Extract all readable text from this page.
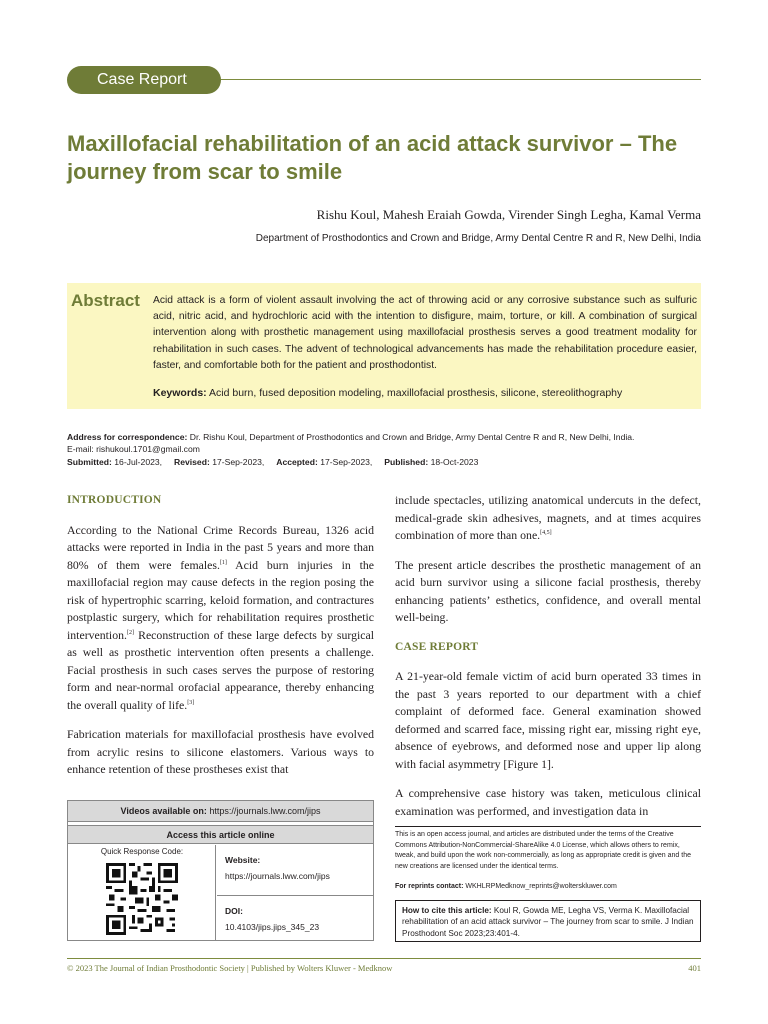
Case Report
Maxillofacial rehabilitation of an acid attack survivor – The journey from scar to smile
Rishu Koul, Mahesh Eraiah Gowda, Virender Singh Legha, Kamal Verma
Department of Prosthodontics and Crown and Bridge, Army Dental Centre R and R, New Delhi, India
Abstract Acid attack is a form of violent assault involving the act of throwing acid or any corrosive substance such as sulfuric acid, nitric acid, and hydrochloric acid with the intention to disfigure, maim, torture, or kill. A combination of surgical intervention along with prosthetic management using maxillofacial prosthesis serves a good treatment modality for rehabilitation in such cases. The advent of technological advancements has made the rehabilitation procedure easier, faster, and comfortable both for the patient and prosthodontist.

Keywords: Acid burn, fused deposition modeling, maxillofacial prosthesis, silicone, stereolithography

Address for correspondence: Dr. Rishu Koul, Department of Prosthodontics and Crown and Bridge, Army Dental Centre R and R, New Delhi, India.
E-mail: rishukoul.1701@gmail.com
Submitted: 16-Jul-2023, Revised: 17-Sep-2023, Accepted: 17-Sep-2023, Published: 18-Oct-2023
INTRODUCTION

According to the National Crime Records Bureau, 1326 acid attacks were reported in India in the past 5 years and more than 80% of them were females.[1] Acid burn injuries in the maxillofacial region may cause defects in the region posing the risk of hypertrophic scarring, keloid formation, and contractures postplastic surgery, which for rehabilitation requires prosthetic intervention.[2] Reconstruction of these large defects by surgical as well as prosthetic intervention often presents a challenge. Facial prosthesis in such cases serves the purpose of restoring form and near-normal orofacial appearance, thereby enhancing the overall quality of life.[3]

Fabrication materials for maxillofacial prosthesis have evolved from acrylic resins to silicone elastomers. Various ways to enhance retention of these prostheses exist that

include spectacles, utilizing anatomical undercuts in the defect, medical-grade skin adhesives, magnets, and at times acquires combination of more than one.[4,5]

The present article describes the prosthetic management of an acid burn survivor using a silicone facial prosthesis, thereby enhancing patients’ esthetics, confidence, and overall mental well-being.

CASE REPORT

A 21-year-old female victim of acid burn operated 33 times in the past 3 years reported to our department with a chief complaint of deformed face. General examination showed deformed and scarred face, missing right ear, missing right eye, absence of eyebrows, and deformed nose and upper lip along with facial asymmetry [Figure 1].

A comprehensive case history was taken, meticulous clinical examination was performed, and investigation data in

Videos available on: https://journals.lww.com/jips
Access this article online
Quick Response Code:
Website:
https://journals.lww.com/jips
DOI:
10.4103/jips.jips_345_23

This is an open access journal, and articles are distributed under the terms of the Creative Commons Attribution-NonCommercial-ShareAlike 4.0 License, which allows others to remix, tweak, and build upon the work non-commercially, as long as appropriate credit is given and the new creations are licensed under the identical terms.

For reprints contact: WKHLRPMedknow_reprints@wolterskluwer.com

How to cite this article: Koul R, Gowda ME, Legha VS, Verma K. Maxillofacial rehabilitation of an acid attack survivor – The journey from scar to smile. J Indian Prosthodont Soc 2023;23:401-4.
© 2023 The Journal of Indian Prosthodontic Society | Published by Wolters Kluwer - Medknow	401
